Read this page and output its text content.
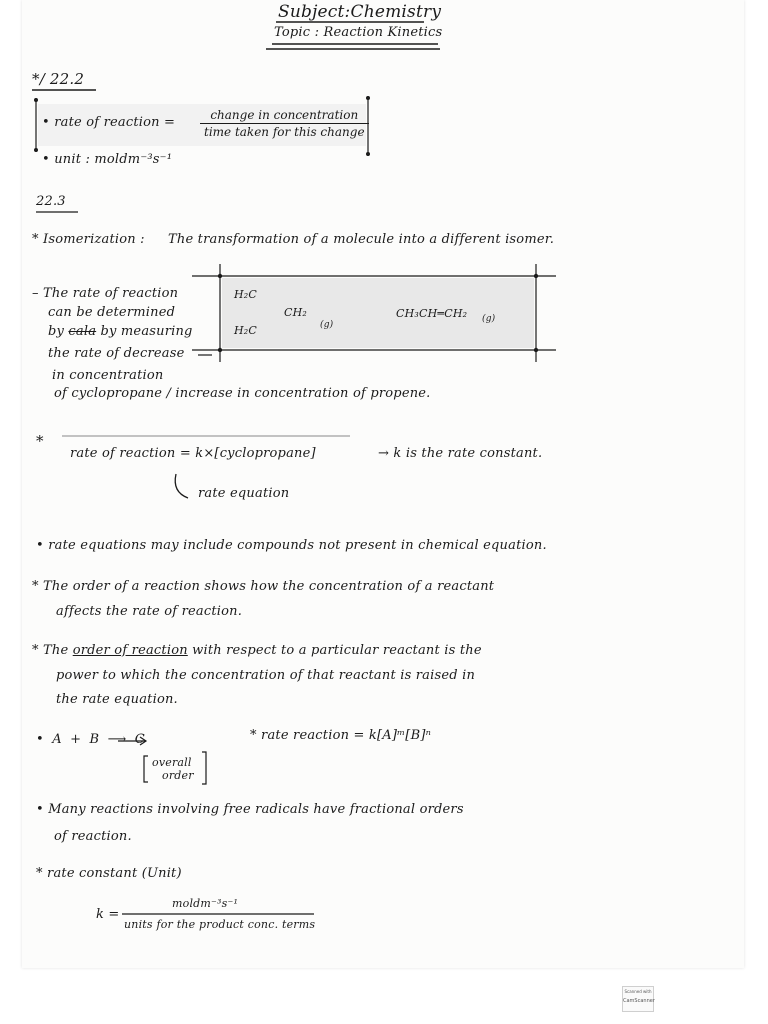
Subject:Chemistry
Topic : Reaction Kinetics
*/ 22.2
• rate of reaction =	change in concentration
time taken for this change
• unit : moldm⁻³s⁻¹
22.3
* Isomerization : The transformation of a molecule into a different isomer.
H₂C
H₂C
CH₂
(g)
CH₃CH═CH₂ (g)
– The rate of reaction
can be determined
by cala by measuring
the rate of decrease
in concentration
of cyclopropane / increase in concentration of propene.
*
rate of reaction = k×[cyclopropane]	→ k is the rate constant.
rate equation
• rate equations may include compounds not present in chemical equation.
* The order of a reaction shows how the concentration of a reactant
affects the rate of reaction.
* The order of reaction with respect to a particular reactant is the
power to which the concentration of that reactant is raised in
the rate equation.
• A + B ⟶ C	* rate reaction = k[A]ᵐ[B]ⁿ
overall
order
• Many reactions involving free radicals have fractional orders
of reaction.
* rate constant (Unit)
k =
moldm⁻³s⁻¹
units for the product conc. terms
Scanned with
CamScanner
